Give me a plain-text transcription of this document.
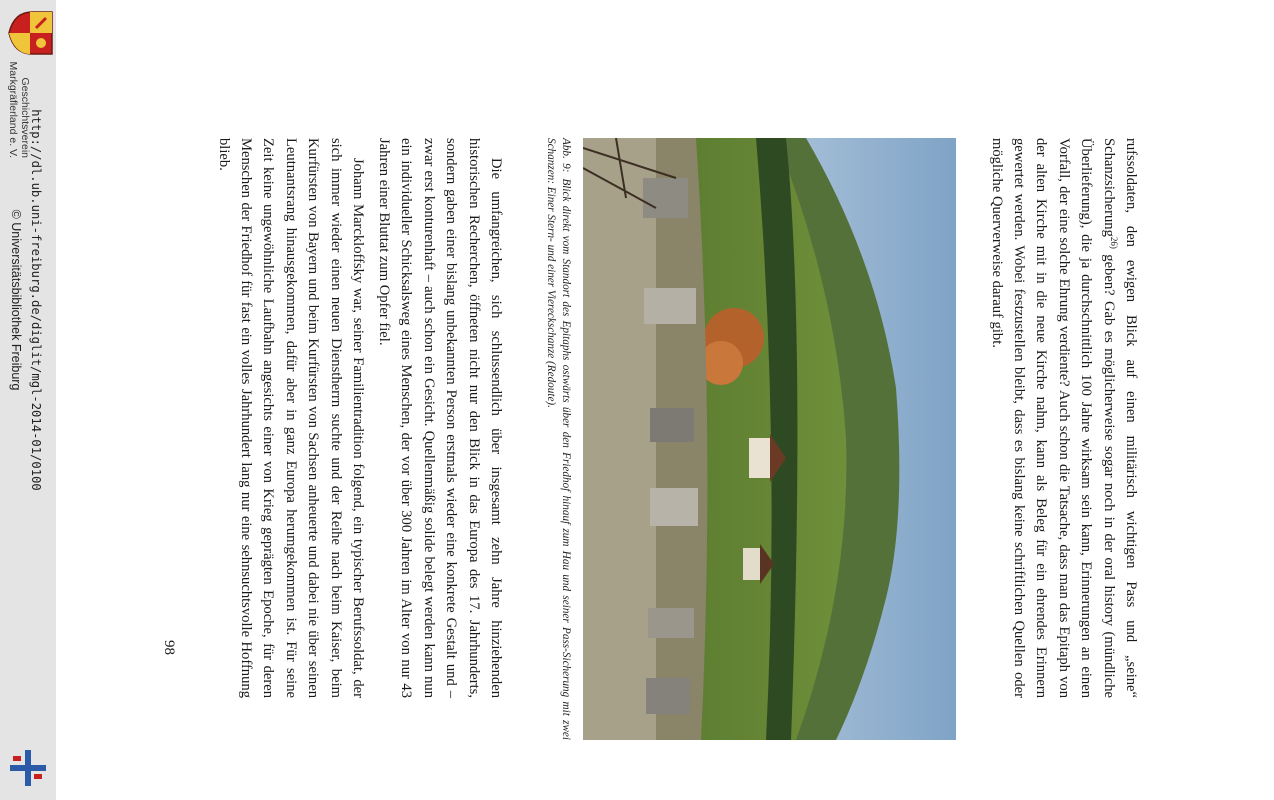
rufssoldaten, den ewigen Blick auf einen militärisch wichtigen Pass und „seine“ Schanzsicherung$^{26)}$ geben? Gab es möglicherweise sogar noch in der oral history (mündliche Überlieferung), die ja durchschnittlich 100 Jahre wirksam sein kann, Erinnerungen an einen Vorfall, der eine solche Ehrung verdiente? Auch schon die Tatsache, dass man das Epitaph von der alten Kirche mit in die neue Kirche nahm, kann als Beleg für ein ehrendes Erinnern gewertet werden. Wobei festzustellen bleibt, dass es bislang keine schriftlichen Quellen oder mögliche Querverweise darauf gibt.

Abb. 9:Blick direkt vom Standort des Epitaphs ostwärts über den Friedhof hinauf zum Hau und seiner Pass-Sicherung mit zwei Schanzen: Einer Stern- und einer Viereckschanze (Redoute).

Die umfangreichen, sich schlussendlich über insgesamt zehn Jahre hinziehenden historischen Recherchen, öffneten nicht nur den Blick in das Europa des 17. Jahrhunderts, sondern gaben einer bislang unbekannten Person erstmals wieder eine konkrete Gestalt und – zwar erst konturenhaft – auch schon ein Gesicht. Quellenmäßig solide belegt werden kann nun ein individueller Schicksalsweg eines Menschen, der vor über 300 Jahren im Alter von nur 43 Jahren einer Bluttat zum Opfer fiel.

Johann Marckloffsky war, seiner Familientradition folgend, ein typischer Berufssoldat, der sich immer wieder einen neuen Dienstherrn suchte und der Reihe nach beim Kaiser, beim Kurfürsten von Bayern und beim Kurfürsten von Sachsen anheuerte und dabei nie über seinen Leutnantsrang hinausgekommen, dafür aber in ganz Europa herumgekommen ist. Für seine Zeit keine ungewöhnliche Laufbahn angesichts einer von Krieg geprägten Epoche, für deren Menschen der Friedhof für fast ein volles Jahrhundert lang nur eine sehnsuchtsvolle Hoffnung blieb.

98
Geschichtsverein
Markgräflerland e. V. http://dl.ub.uni-freiburg.de/diglit/mgl-2014-01/0100
© Universitätsbibliothek Freiburg
